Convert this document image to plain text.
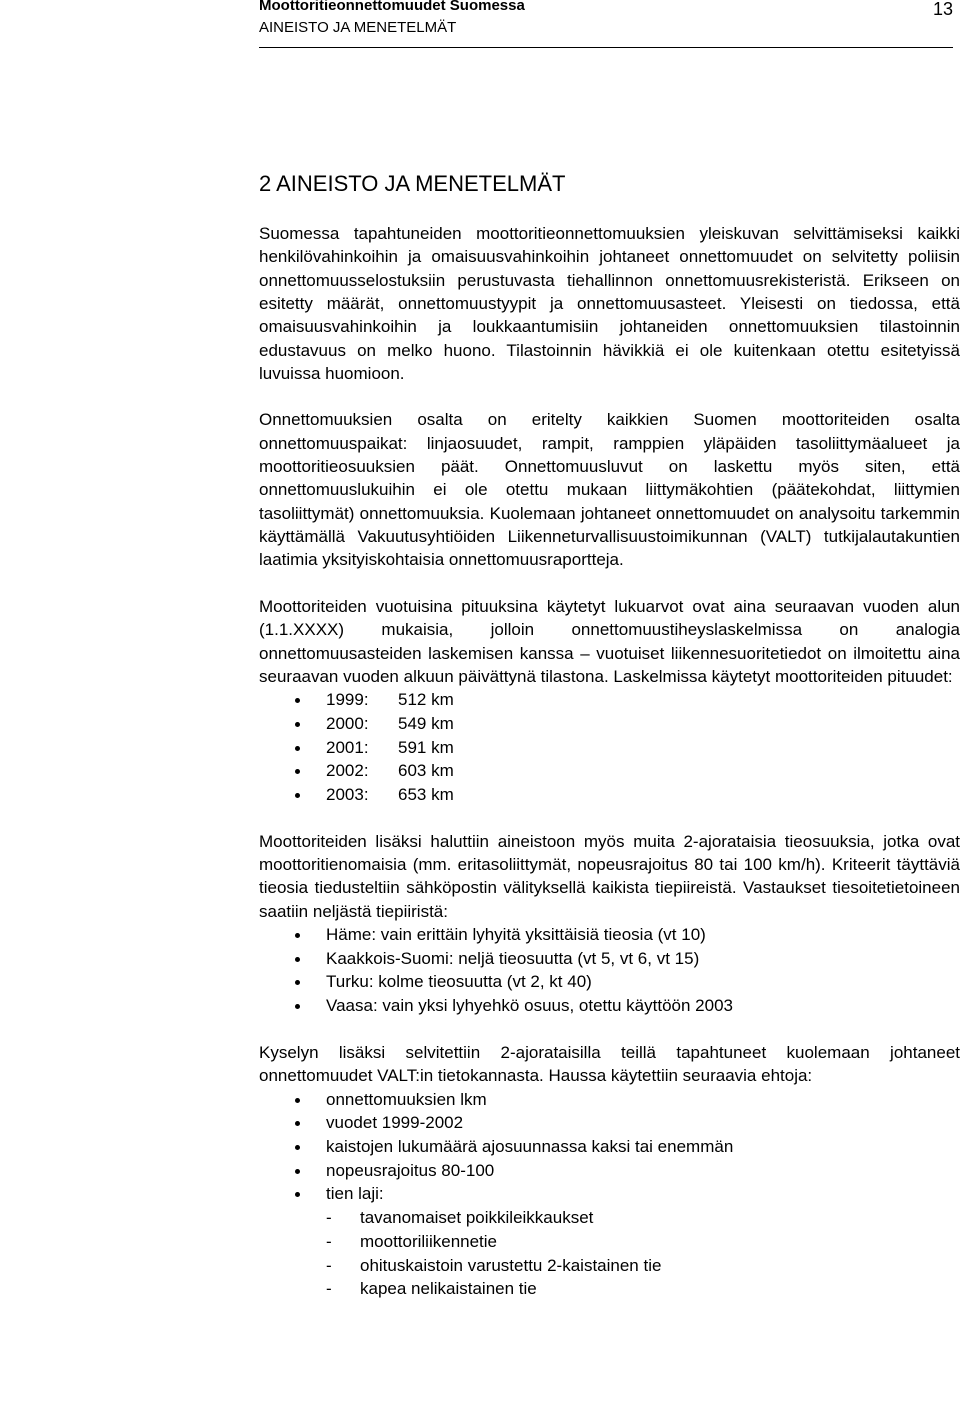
Moottoritieonnettomuudet Suomessa
AINEISTO JA MENETELMÄT
13
2 AINEISTO JA MENETELMÄT

Suomessa tapahtuneiden moottoritieonnettomuuksien yleiskuvan selvittämiseksi kaikki henkilövahinkoihin ja omaisuusvahinkoihin johtaneet onnettomuudet on selvitetty poliisin onnettomuusselostuksiin perustuvasta tiehallinnon onnettomuusrekisteristä. Erikseen on esitetty määrät, onnettomuustyypit ja onnettomuusasteet. Yleisesti on tiedossa, että omaisuusvahinkoihin ja loukkaantumisiin johtaneiden onnettomuuksien tilastoinnin edustavuus on melko huono. Tilastoinnin hävikkiä ei ole kuitenkaan otettu esitetyissä luvuissa huomioon.

Onnettomuuksien osalta on eritelty kaikkien Suomen moottoriteiden osalta onnettomuuspaikat: linjaosuudet, rampit, ramppien yläpäiden tasoliittymäalueet ja moottoritieosuuksien päät. Onnettomuusluvut on laskettu myös siten, että onnettomuuslukuihin ei ole otettu mukaan liittymäkohtien (päätekohdat, liittymien tasoliittymät) onnettomuuksia. Kuolemaan johtaneet onnettomuudet on analysoitu tarkemmin käyttämällä Vakuutusyhtiöiden Liikenneturvallisuustoimikunnan (VALT) tutkijalautakuntien laatimia yksityiskohtaisia onnettomuusraportteja.

Moottoriteiden vuotuisina pituuksina käytetyt lukuarvot ovat aina seuraavan vuoden alun (1.1.XXXX) mukaisia, jolloin onnettomuustiheyslaskelmissa on analogia onnettomuusasteiden laskemisen kanssa – vuotuiset liikennesuoritetiedot on ilmoitettu aina seuraavan vuoden alkuun päivättynä tilastona. Laskelmissa käytetyt moottoriteiden pituudet:

1999: 512 km
2000: 549 km
2001: 591 km
2002: 603 km
2003: 653 km

Moottoriteiden lisäksi haluttiin aineistoon myös muita 2-ajorataisia tieosuuksia, jotka ovat moottoritienomaisia (mm. eritasoliittymät, nopeusrajoitus 80 tai 100 km/h). Kriteerit täyttäviä tieosia tiedusteltiin sähköpostin välityksellä kaikista tiepiireistä. Vastaukset tiesoitetietoineen saatiin neljästä tiepiiristä:

Häme: vain erittäin lyhyitä yksittäisiä tieosia (vt 10)
Kaakkois-Suomi: neljä tieosuutta (vt 5, vt 6, vt 15)
Turku: kolme tieosuutta (vt 2, kt 40)
Vaasa: vain yksi lyhyehkö osuus, otettu käyttöön 2003

Kyselyn lisäksi selvitettiin 2-ajorataisilla teillä tapahtuneet kuolemaan johtaneet onnettomuudet VALT:in tietokannasta. Haussa käytettiin seuraavia ehtoja:

onnettomuuksien lkm
vuodet 1999-2002
kaistojen lukumäärä ajosuunnassa kaksi tai enemmän
nopeusrajoitus 80-100
tien laji:
- tavanomaiset poikkileikkaukset
- moottoriliikennetie
- ohituskaistoin varustettu 2-kaistainen tie
- kapea nelikaistainen tie
